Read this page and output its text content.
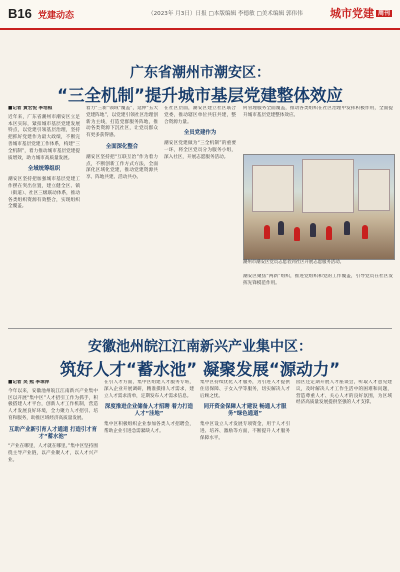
B16 党建动态	（2023年 月3日）日报 □本版编辑 李德敏 □美术编辑 郭伟伟 城市党建 周刊
广东省潮州市潮安区：
“三全机制”提升城市基层党建整体效应
■记者 黄宏悦 李培桓
近年来，广东省潮州市潮安区立足本区实际，紧扣城市基层党建发展特点，以党建引领基层治理，坚持把抓好党建作为最大政绩，不断完善城市基层党建工作体系，构建“三全机制”，着力推动城市基层党建提质增效，助力城市高质量发展。
全域统筹组织
潮安区坚持把加强城市基层党建工作摆在突出位置，建立健全区、镇（街道）、社区三级联动体系，推动各类组织资源有效整合，实现组织全覆盖。
着力“三新”领域“覆盖”，延伸“五大党建阵地”，以党建引领社区治理创新为主线，打造党群服务阵地，推动各类资源下沉社区，让党员群众有更多获得感。
全面深化整合
潮安区坚持把“互联互治”作为着力点，不断创新工作方式方法，全面深化区域化党建，推动党建资源共享、阵地共建、活动共办。
在社区层面，潮安区建立社区联合党委，推动辖区单位共驻共建，整合资源力量。
全员党建作为
潮安区党建做为“三全机制”的重要一环，将全区党员分为服务小组，深入社区，开展志愿服务活动。
何管理服务全面覆盖，推动各类组织在社区治理中发挥积极作用，全面提升城市基层党建整体效应。
潮州市潮安区党员志愿者到社区开展志愿服务活动。
潮安区聚焦“两新”组织，推进党组织和党的工作覆盖，引导党员在社区发挥先锋模范作用。
安徽池州皖江江南新兴产业集中区：
筑好人才“蓄水池” 凝聚发展“源动力”
■记者 吴 熙 李琼萍
今年以来，安徽池州皖江江南新兴产业集中区以开展“集中区”人才招引工作为抓手，积极搭建人才平台，创新人才工作机制，营造人才发展良好环境，全力聚力人才招引、培育和服务，助推区域经济高质量发展。
互助产业新引育人才通道 打造引才育才“蓄水池”
“产业在哪里，人才就在哪里。”集中区坚持围绕主导产业链，以产业聚人才，以人才兴产业。
在引人才方面，集中区组建人才服务专班，深入企业开展调研，精准摸排人才需求，建立人才需求清单，定期发布人才需求信息。
深度推进企业储备人才招聘 着力打造人才“洼地”
集中区积极组织企业参加各类人才招聘会，帮助企业引进急需紧缺人才。
集中区持续优化人才服务，为引进人才提供住房保障、子女入学等服务，切实解决人才后顾之忧。
同开资金保障人才建设 畅通人才服务“绿色通道”
集中区设立人才发展专项资金，用于人才引进、培养、激励等方面，不断提升人才服务保障水平。
园区还定期开展人才座谈会，听取人才意见建议，及时解决人才工作生活中的困难和问题，营造尊重人才、关心人才的良好氛围，为区域经济高质量发展提供坚强的人才支撑。
